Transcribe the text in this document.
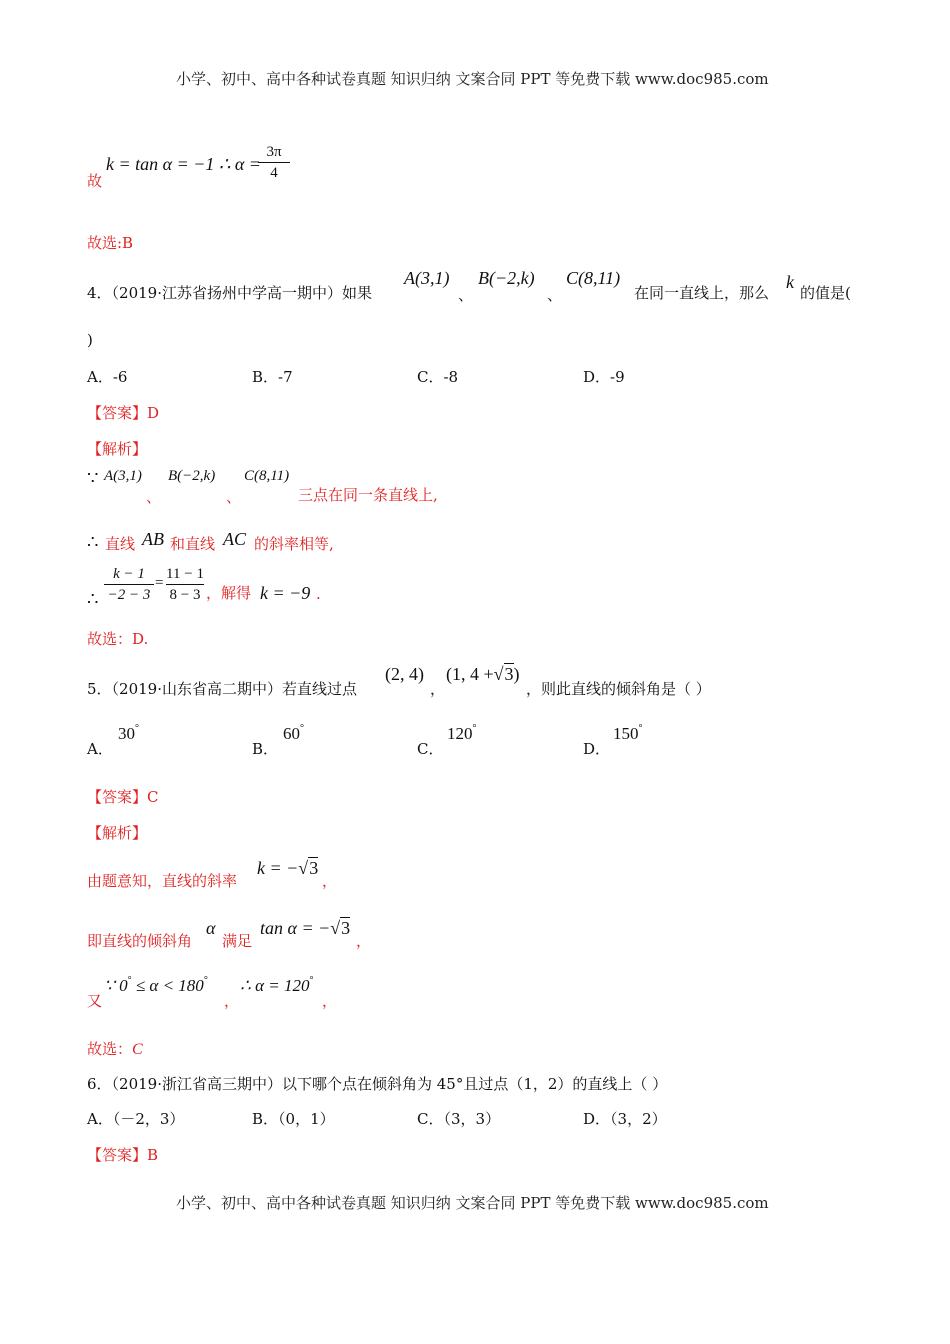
小学、初中、高中各种试卷真题 知识归纳 文案合同 PPT 等免费下载 www.doc985.com
故
k = tan α = −1 ∴ α =
3π
4
故选:B
4．（2019·江苏省扬州中学高一期中）如果
A(3,1)
、
B(−2,k)
、
C(8,11)
在同一直线上，那么
k
的值是(
)
A．-6	B．-7	C．-8	D．-9
【答案】D
【解析】
∵ A(3,1)
、
B(−2,k)
、
C(8,11)
三点在同一条直线上,
∴ 直线 AB 和直线 AC 的斜率相等,
∴
k − 1
−2 − 3
=
11 − 1
8 − 3 ，解得 k = −9 .
故选：D.
5．（2019·山东省高二期中）若直线过点
(2, 4)
，
(1, 4 +√3)
，则此直线的倾斜角是（ ）
A．
30°
B．
60°
C．
120°
D．
150°
【答案】C
【解析】
由题意知，直线的斜率
k = −√3
，
即直线的倾斜角
α
满足
tan α = −√3
，
又
∵ 0° ≤ α < 180°
，
∴ α = 120°
，
故选：C
6．（2019·浙江省高三期中）以下哪个点在倾斜角为 45°且过点（1，2）的直线上（ ）
A．（－2，3）	B．（0，1）	C．（3，3）	D．（3，2）
【答案】B
小学、初中、高中各种试卷真题 知识归纳 文案合同 PPT 等免费下载 www.doc985.com
